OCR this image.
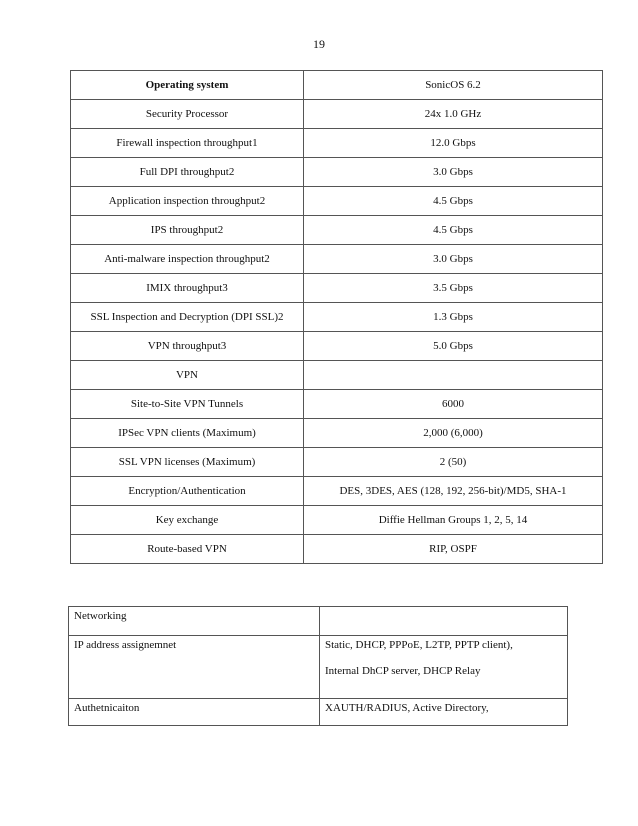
19
Operating system	SonicOS 6.2
Security Processor	24x 1.0 GHz
Firewall inspection throughput1	12.0 Gbps
Full DPI throughput2	3.0 Gbps
Application inspection throughput2	4.5 Gbps
IPS throughput2	4.5 Gbps
Anti-malware inspection throughput2	3.0 Gbps
IMIX throughput3	3.5 Gbps
SSL Inspection and Decryption (DPI SSL)2	1.3 Gbps
VPN throughput3	5.0 Gbps
VPN	
Site-to-Site VPN Tunnels	6000
IPSec VPN clients (Maximum)	2,000 (6,000)
SSL VPN licenses (Maximum)	2 (50)
Encryption/Authentication	DES, 3DES, AES (128, 192, 256-bit)/MD5, SHA-1
Key exchange	Diffie Hellman Groups 1, 2, 5, 14
Route-based VPN	RIP, OSPF
Networking	
IP address assignemnet	Static, DHCP, PPPoE, L2TP, PPTP client),
Internal DhCP server, DHCP Relay

Authetnicaiton	XAUTH/RADIUS, Active Directory,
